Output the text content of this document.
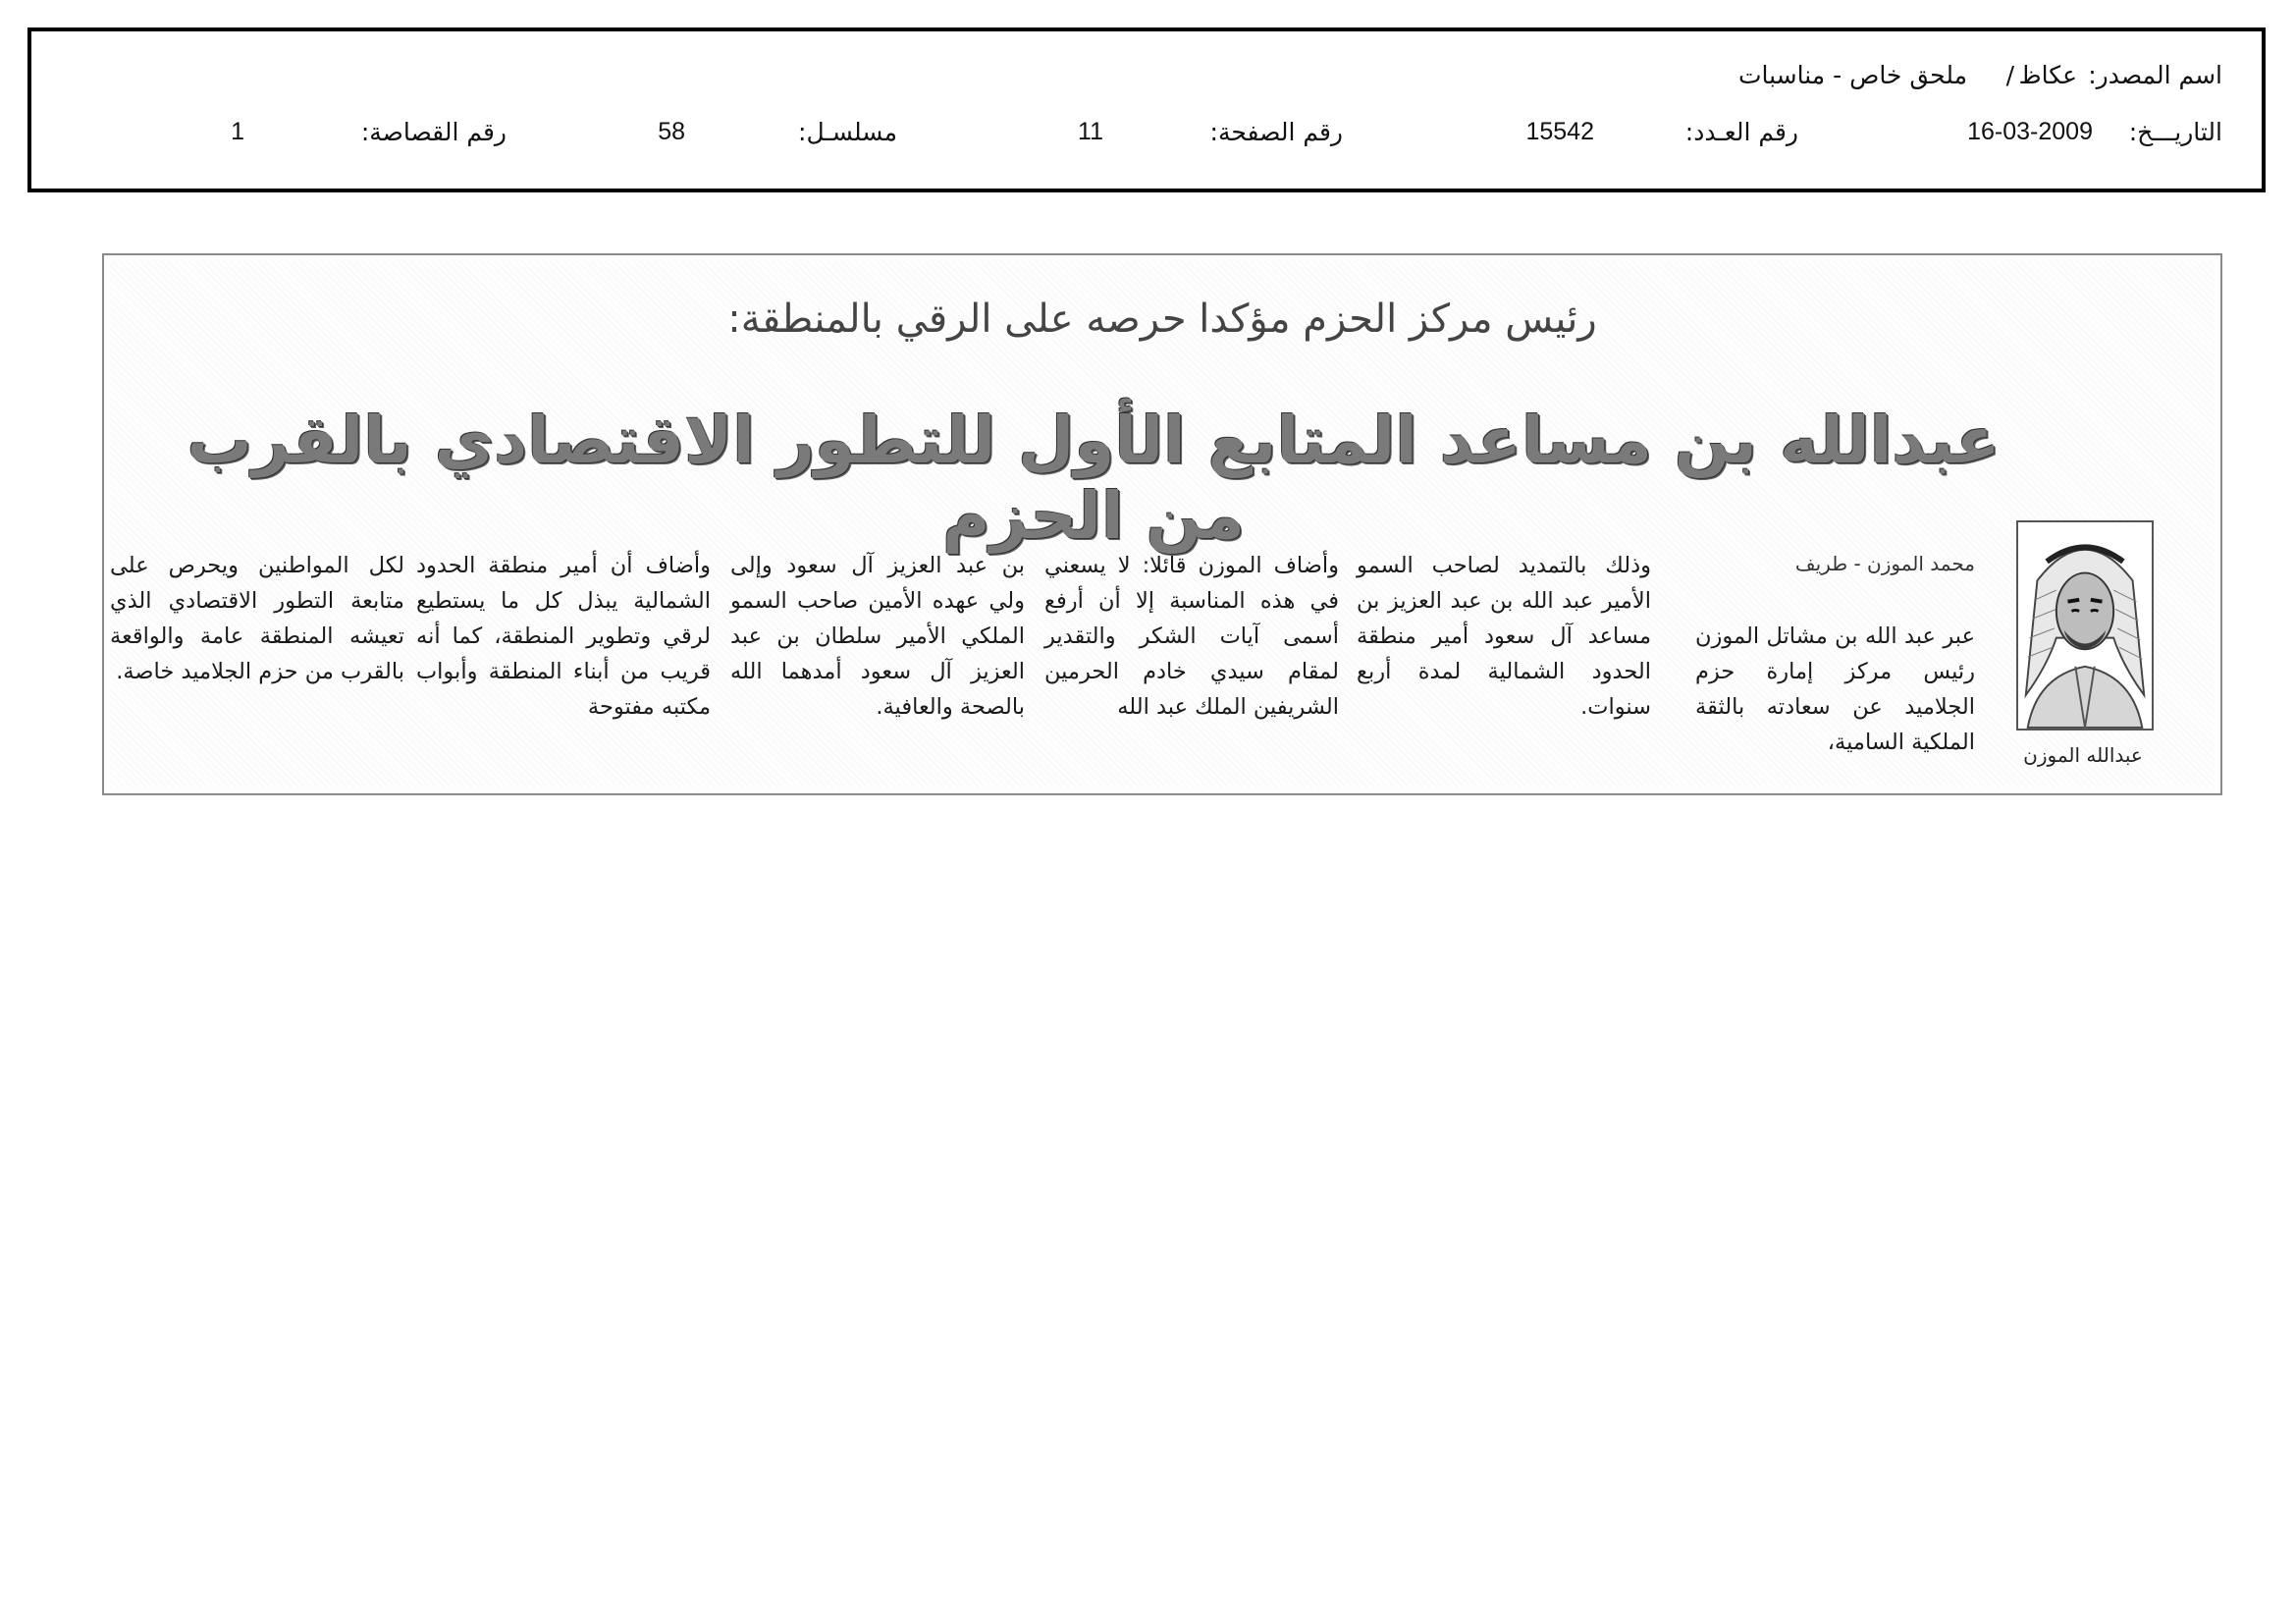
اسم المصدر:
عكاظ
/
ملحق خاص - مناسبات
التاريـــخ:
16-03-2009
رقم العـدد:
15542
رقم الصفحة:
11
مسلسـل:
58
رقم القصاصة:
1
رئيس مركز الحزم مؤكدا حرصه على الرقي بالمنطقة:
عبدالله بن مساعد المتابع الأول للتطور الاقتصادي بالقرب من الحزم
محمد الموزن - طريف
عبدالله الموزن
عبر عبد الله بن مشاتل الموزن رئيس مركز إمارة حزم الجلاميد عن سعادته بالثقة الملكية السامية،
وذلك بالتمديد لصاحب السمو الأمير عبد الله بن عبد العزيز بن مساعد آل سعود أمير منطقة الحدود الشمالية لمدة أربع سنوات.
وأضاف الموزن قائلا: لا يسعني في هذه المناسبة إلا أن أرفع أسمى آيات الشكر والتقدير لمقام سيدي خادم الحرمين الشريفين الملك عبد الله
بن عبد العزيز آل سعود وإلى ولي عهده الأمين صاحب السمو الملكي الأمير سلطان بن عبد العزيز آل سعود أمدهما الله بالصحة والعافية.
وأضاف أن أمير منطقة الحدود الشمالية يبذل كل ما يستطيع لرقي وتطوير المنطقة، كما أنه قريب من أبناء المنطقة وأبواب مكتبه مفتوحة
لكل المواطنين ويحرص على متابعة التطور الاقتصادي الذي تعيشه المنطقة عامة والواقعة بالقرب من حزم الجلاميد خاصة.
